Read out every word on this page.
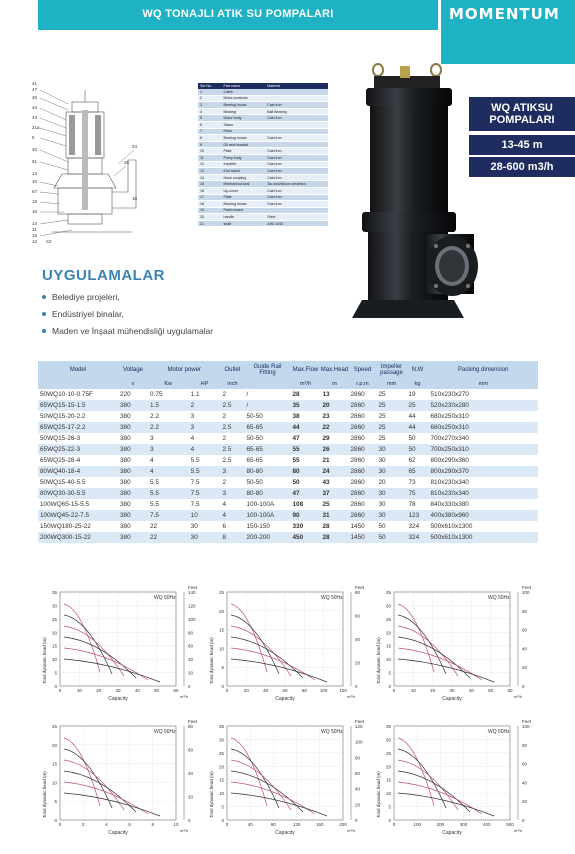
WQ TONAJLI ATIK SU POMPALARI	MOMENTUM
47
45
44
43
21a
5
40
51
10
67
15
16
14
19
13
11
12 S2
41
18
34
26
Ser.No.	Part name	Material
1	Cable	
2	Motor protector	
3	Bearing house	Cast iron
4	Bearing	Ball Bearing
5	Motor body	Cast iron
6	Stator	
7	Rotor	
8	Bearing house	Cast iron
9	Oil seal bracket	
10	Plate	Cast iron
11	Pump body	Cast iron
12	Impeller	Cast iron
13	End stand	Cast iron
14	Hose coupling	Cast iron
15	Mechanical seal	Sic-sick/silicon ceramics
16	Up-cover	Cast iron
17	Plate	Cast iron
18	Bearing house	Cast iron
19	Patch board	
20	handle	Steel
21	shaft	AISI 1045
WQ ATIKSU
POMPALARI
13-45 m
28-600 m3/h
UYGULAMALAR
Belediye projeleri,
Endüstriyel binalar,
Maden ve İnşaat mühendisliği uygulamalar
Model	Voltage	Motor power		Outlet	Guide Rail Fitting	Max.Flow	Max.Head	Speed	Impeller passage	N.W	Packing dimension
	v	Kw	HP	inch		m³/h	m	r.p.m	mm	kg	mm
50WQ10-10-0.75F	220	0.75	1,1	2	/	28	13	2860	25	19	510x230x270
65WQ15-15-1.5	380	1.5	2	2.5	/	35	20	2860	25	25	520x230x280
50WQ15-20-2.2	380	2.2	3	2	50-50	38	23	2860	25	44	680x250x310
65WQ25-17-2.2	380	2.2	3	2.5	65-65	44	22	2860	25	44	680x250x310
50WQ15-26-3	380	3	4	2	50-50	47	29	2860	25	50	700x270x340
65WQ25-22-3	380	3	4	2.5	65-65	55	26	2860	30	50	700x250x310
65WQ25-28-4	380	4	5.5	2.5	65-65	55	21	2860	30	62	800x290x360
80WQ40-18-4	380	4	5.5	3	80-80	80	24	2860	30	65	800x290x370
50WQ15-40-5.5	380	5.5	7.5	2	50-50	50	43	2860	20	73	810x230x340
80WQ30-30-5.5	380	5.5	7.5	3	80-80	47	37	2860	30	75	810x230x340
100WQ65-15-5.5	380	5.5	7.5	4	100-100A	108	25	2860	30	78	840x330x380
100WQ45-22-7.5	380	7.5	10	4	100-100A	90	31	2860	30	123	400x380x960
150WQ180-25-22	380	22	30	6	150-150	330	28	1450	50	324	500x610x1300
200WQ300-15-22	380	22	30	8	200-200	450	28	1450	50	324	500x610x1300
35
30
25
20
15
10
5
0
0	10	20	30	40	50	60
140
120
100
80
60
40
20
0
Feet
WQ 50Hz
Capacity	m³/h
Total dynamic head (m)
25
20
15
10
5
0
0	20	40	60	80	100	120
80
60
40
20
0
Feet
WQ 50Hz
Capacity	m³/h
Total dynamic head (m)
35
30
25
20
15
10
5
0
0	10	20	30	40	50	60
100
80
60
40
20
0
Feet
WQ 50Hz
Capacity	m³/h
Total dynamic head (m)
25
20
15
10
5
0
0	2	4	6	8	10
80
60
40
20
0
Feet
WQ 50Hz
Capacity	m³/h
Total dynamic head (m)
35
30
25
20
15
10
5
0
0	40	80	120	160	200
120
100
80
60
40
20
0
Feet
WQ 50Hz
Capacity	m³/h
Total dynamic head (m)
35
30
25
20
15
10
5
0
0	100	200	300	400	500
100
80
60
40
20
0
Feet
WQ 50Hz
Capacity	m³/h
Total dynamic head (m)
